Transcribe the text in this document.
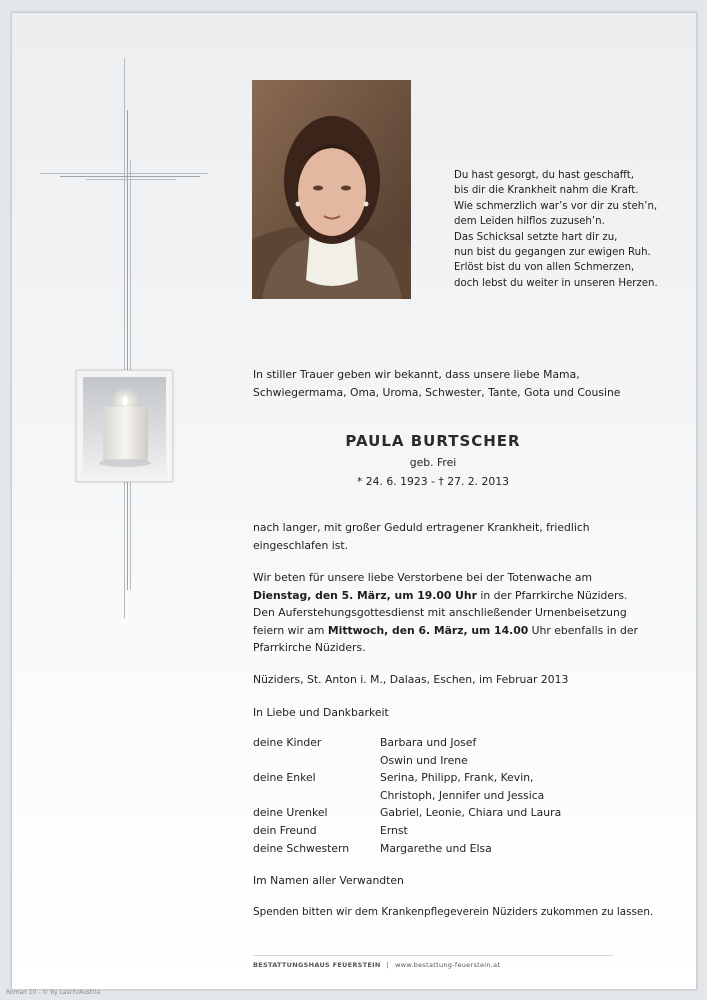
Du hast gesorgt, du hast geschafft,
bis dir die Krankheit nahm die Kraft.
Wie schmerzlich war’s vor dir zu steh’n,
dem Leiden hilflos zuzuseh’n.
Das Schicksal setzte hart dir zu,
nun bist du gegangen zur ewigen Ruh.
Erlöst bist du von allen Schmerzen,
doch lebst du weiter in unseren Herzen.
In stiller Trauer geben wir bekannt, dass unsere liebe Mama,
Schwiegermama, Oma, Uroma, Schwester, Tante, Gota und Cousine
PAULA BURTSCHER
geb. Frei
* 24. 6. 1923 - † 27. 2. 2013
nach langer, mit großer Geduld ertragener Krankheit, friedlich
eingeschlafen ist.
Wir beten für unsere liebe Verstorbene bei der Totenwache am
Dienstag, den 5. März, um 19.00 Uhr in der Pfarrkirche Nüziders.
Den Auferstehungsgottesdienst mit anschließender Urnenbeisetzung
feiern wir am Mittwoch, den 6. März, um 14.00 Uhr ebenfalls in der
Pfarrkirche Nüziders.
Nüziders, St. Anton i. M., Dalaas, Eschen, im Februar 2013
In Liebe und Dankbarkeit
deine Kinder	Barbara und Josef
Oswin und Irene
deine Enkel	Serina, Philipp, Frank, Kevin,
Christoph, Jennifer und Jessica
deine Urenkel	Gabriel, Leonie, Chiara und Laura
dein Freund	Ernst
deine Schwestern	Margarethe und Elsa
Im Namen aller Verwandten
Spenden bitten wir dem Krankenpflegeverein Nüziders zukommen zu lassen.
BESTATTUNGSHAUS FEUERSTEIN | www.bestattung-feuerstein.at
Roman 10 - © by Lasch/Austria
